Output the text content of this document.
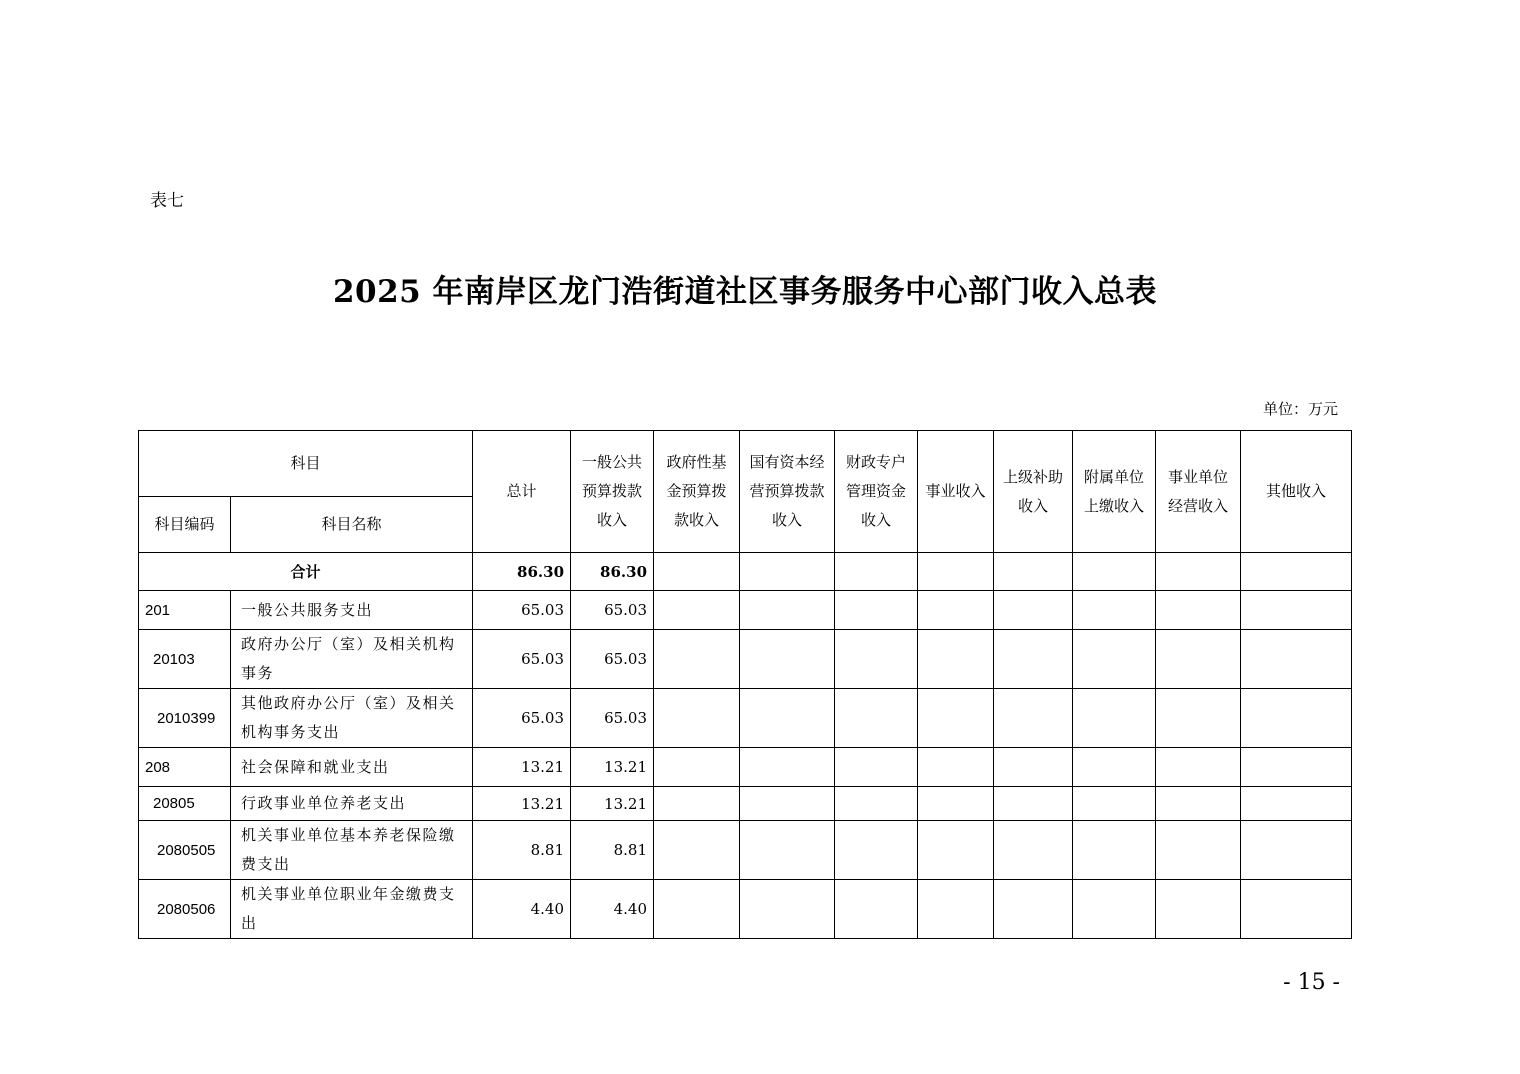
表七
2025 年南岸区龙门浩街道社区事务服务中心部门收入总表
单位：万元
科目		总计	一般公共预算拨款收入	政府性基金预算拨款收入	国有资本经营预算拨款收入	财政专户管理资金收入	事业收入	上级补助收入	附属单位上缴收入	事业单位经营收入	其他收入
科目编码	科目名称										
合计		86.30	86.30								
201	一般公共服务支出	65.03	65.03								
20103	政府办公厅（室）及相关机构事务	65.03	65.03								
2010399	其他政府办公厅（室）及相关机构事务支出	65.03	65.03								
208	社会保障和就业支出	13.21	13.21								
20805	行政事业单位养老支出	13.21	13.21								
2080505	机关事业单位基本养老保险缴费支出	8.81	8.81								
2080506	机关事业单位职业年金缴费支出	4.40	4.40								
- 15 -
